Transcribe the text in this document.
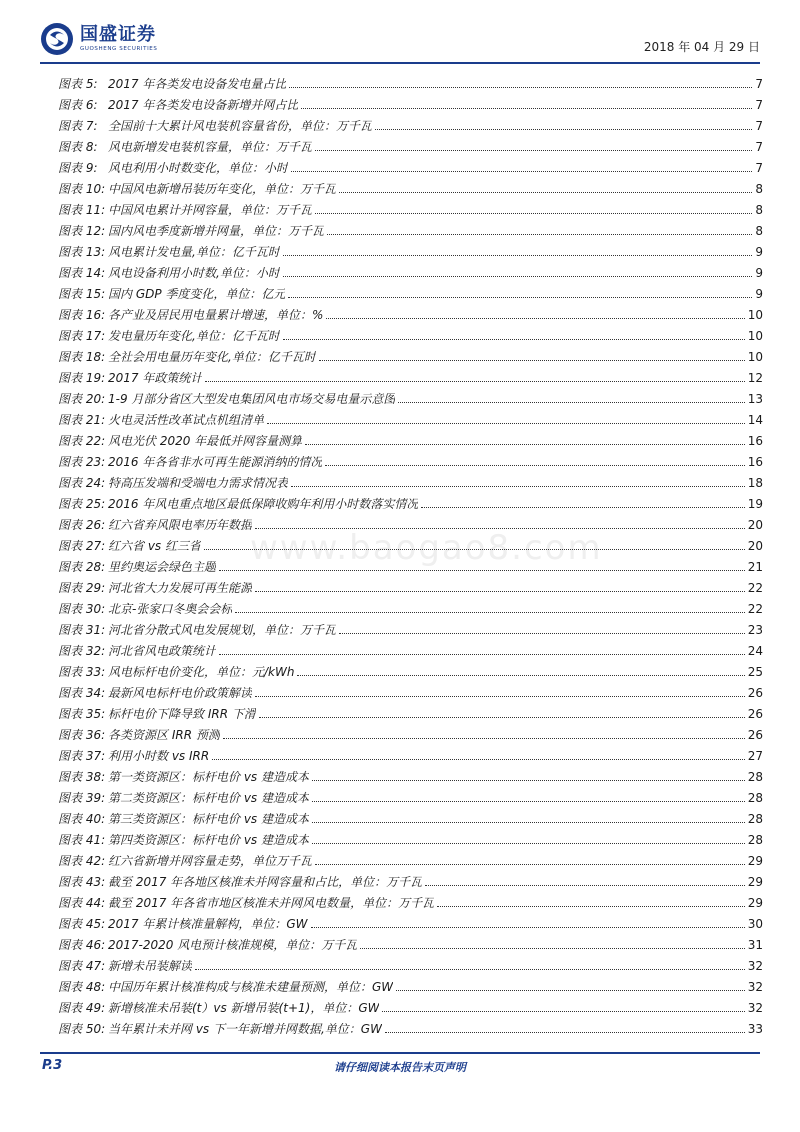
国盛证券
GUOSHENG SECURITIES	2018 年 04 月 29 日
www.baogao8.com
图表 5: 2017 年各类发电设备发电量占比	7
图表 6: 2017 年各类发电设备新增并网占比	7
图表 7: 全国前十大累计风电装机容量省份，单位：万千瓦	7
图表 8: 风电新增发电装机容量，单位：万千瓦	7
图表 9: 风电利用小时数变化，单位：小时	7
图表 10: 中国风电新增吊装历年变化，单位：万千瓦	8
图表 11: 中国风电累计并网容量，单位：万千瓦	8
图表 12: 国内风电季度新增并网量，单位：万千瓦	8
图表 13: 风电累计发电量,单位：亿千瓦时	9
图表 14: 风电设备利用小时数,单位：小时	9
图表 15: 国内 GDP 季度变化，单位：亿元	9
图表 16: 各产业及居民用电量累计增速，单位：%	10
图表 17: 发电量历年变化,单位：亿千瓦时	10
图表 18: 全社会用电量历年变化,单位：亿千瓦时	10
图表 19: 2017 年政策统计	12
图表 20: 1-9 月部分省区大型发电集团风电市场交易电量示意图	13
图表 21: 火电灵活性改革试点机组清单	14
图表 22: 风电光伏 2020 年最低并网容量测算	16
图表 23: 2016 年各省非水可再生能源消纳的情况	16
图表 24: 特高压发端和受端电力需求情况表	18
图表 25: 2016 年风电重点地区最低保障收购年利用小时数落实情况	19
图表 26: 红六省弃风限电率历年数据	20
图表 27: 红六省 vs 红三省	20
图表 28: 里约奥运会绿色主题	21
图表 29: 河北省大力发展可再生能源	22
图表 30: 北京-张家口冬奥会会标	22
图表 31: 河北省分散式风电发展规划，单位：万千瓦	23
图表 32: 河北省风电政策统计	24
图表 33: 风电标杆电价变化，单位：元/kWh	25
图表 34: 最新风电标杆电价政策解读	26
图表 35: 标杆电价下降导致 IRR 下滑	26
图表 36: 各类资源区 IRR 预测	26
图表 37: 利用小时数 vs IRR	27
图表 38: 第一类资源区：标杆电价 vs 建造成本	28
图表 39: 第二类资源区：标杆电价 vs 建造成本	28
图表 40: 第三类资源区：标杆电价 vs 建造成本	28
图表 41: 第四类资源区：标杆电价 vs 建造成本	28
图表 42: 红六省新增并网容量走势，单位万千瓦	29
图表 43: 截至 2017 年各地区核准未并网容量和占比，单位：万千瓦	29
图表 44: 截至 2017 年各省市地区核准未并网风电数量，单位：万千瓦	29
图表 45: 2017 年累计核准量解构，单位：GW	30
图表 46: 2017-2020 风电预计核准规模，单位：万千瓦	31
图表 47: 新增未吊装解读	32
图表 48: 中国历年累计核准构成与核准未建量预测，单位：GW	32
图表 49: 新增核准未吊装(t）vs 新增吊装(t+1)，单位：GW	32
图表 50: 当年累计未并网 vs 下一年新增并网数据,单位：GW	33
P.3	请仔细阅读本报告末页声明
